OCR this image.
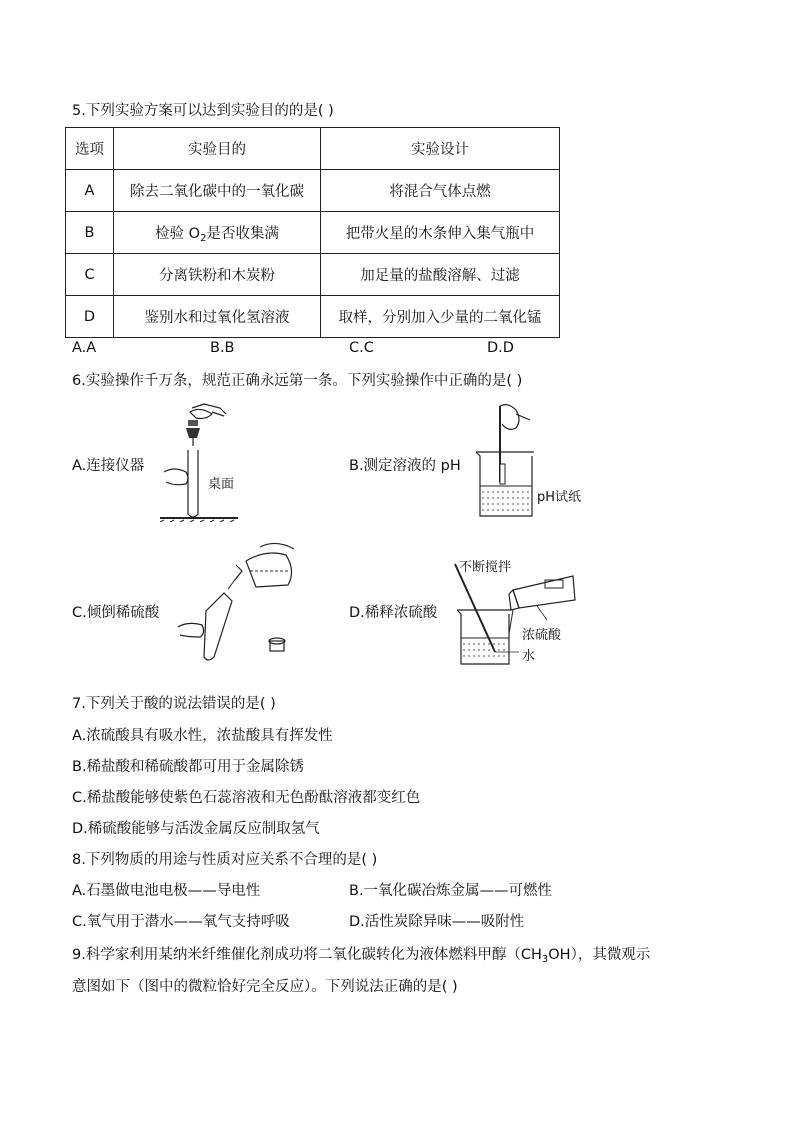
5.下列实验方案可以达到实验目的的是( )
选项	实验目的	实验设计
A	除去二氧化碳中的一氧化碳	将混合气体点燃
B	检验 $O_2$是否收集满	把带火星的木条伸入集气瓶中
C	分离铁粉和木炭粉	加足量的盐酸溶解、过滤
D	鉴别水和过氧化氢溶液	取样，分别加入少量的二氧化锰
A.A	B.B	C.C	D.D
6.实验操作千万条，规范正确永远第一条。下列实验操作中正确的是( )
A.连接仪器	B.测定溶液的 pH
C.倾倒稀硫酸	D.稀释浓硫酸
桌面
pH试纸
不断搅拌
浓硫酸
水
7.下列关于酸的说法错误的是( )
A.浓硫酸具有吸水性，浓盐酸具有挥发性
B.稀盐酸和稀硫酸都可用于金属除锈
C.稀盐酸能够使紫色石蕊溶液和无色酚酞溶液都变红色
D.稀硫酸能够与活泼金属反应制取氢气
8.下列物质的用途与性质对应关系不合理的是( )
A.石墨做电池电极——导电性	B.一氧化碳冶炼金属——可燃性
C.氧气用于潜水——氧气支持呼吸	D.活性炭除异味——吸附性
9.科学家利用某纳米纤维催化剂成功将二氧化碳转化为液体燃料甲醇$(CH_3OH)$，其微观示
意图如下（图中的微粒恰好完全反应）。下列说法正确的是( )
